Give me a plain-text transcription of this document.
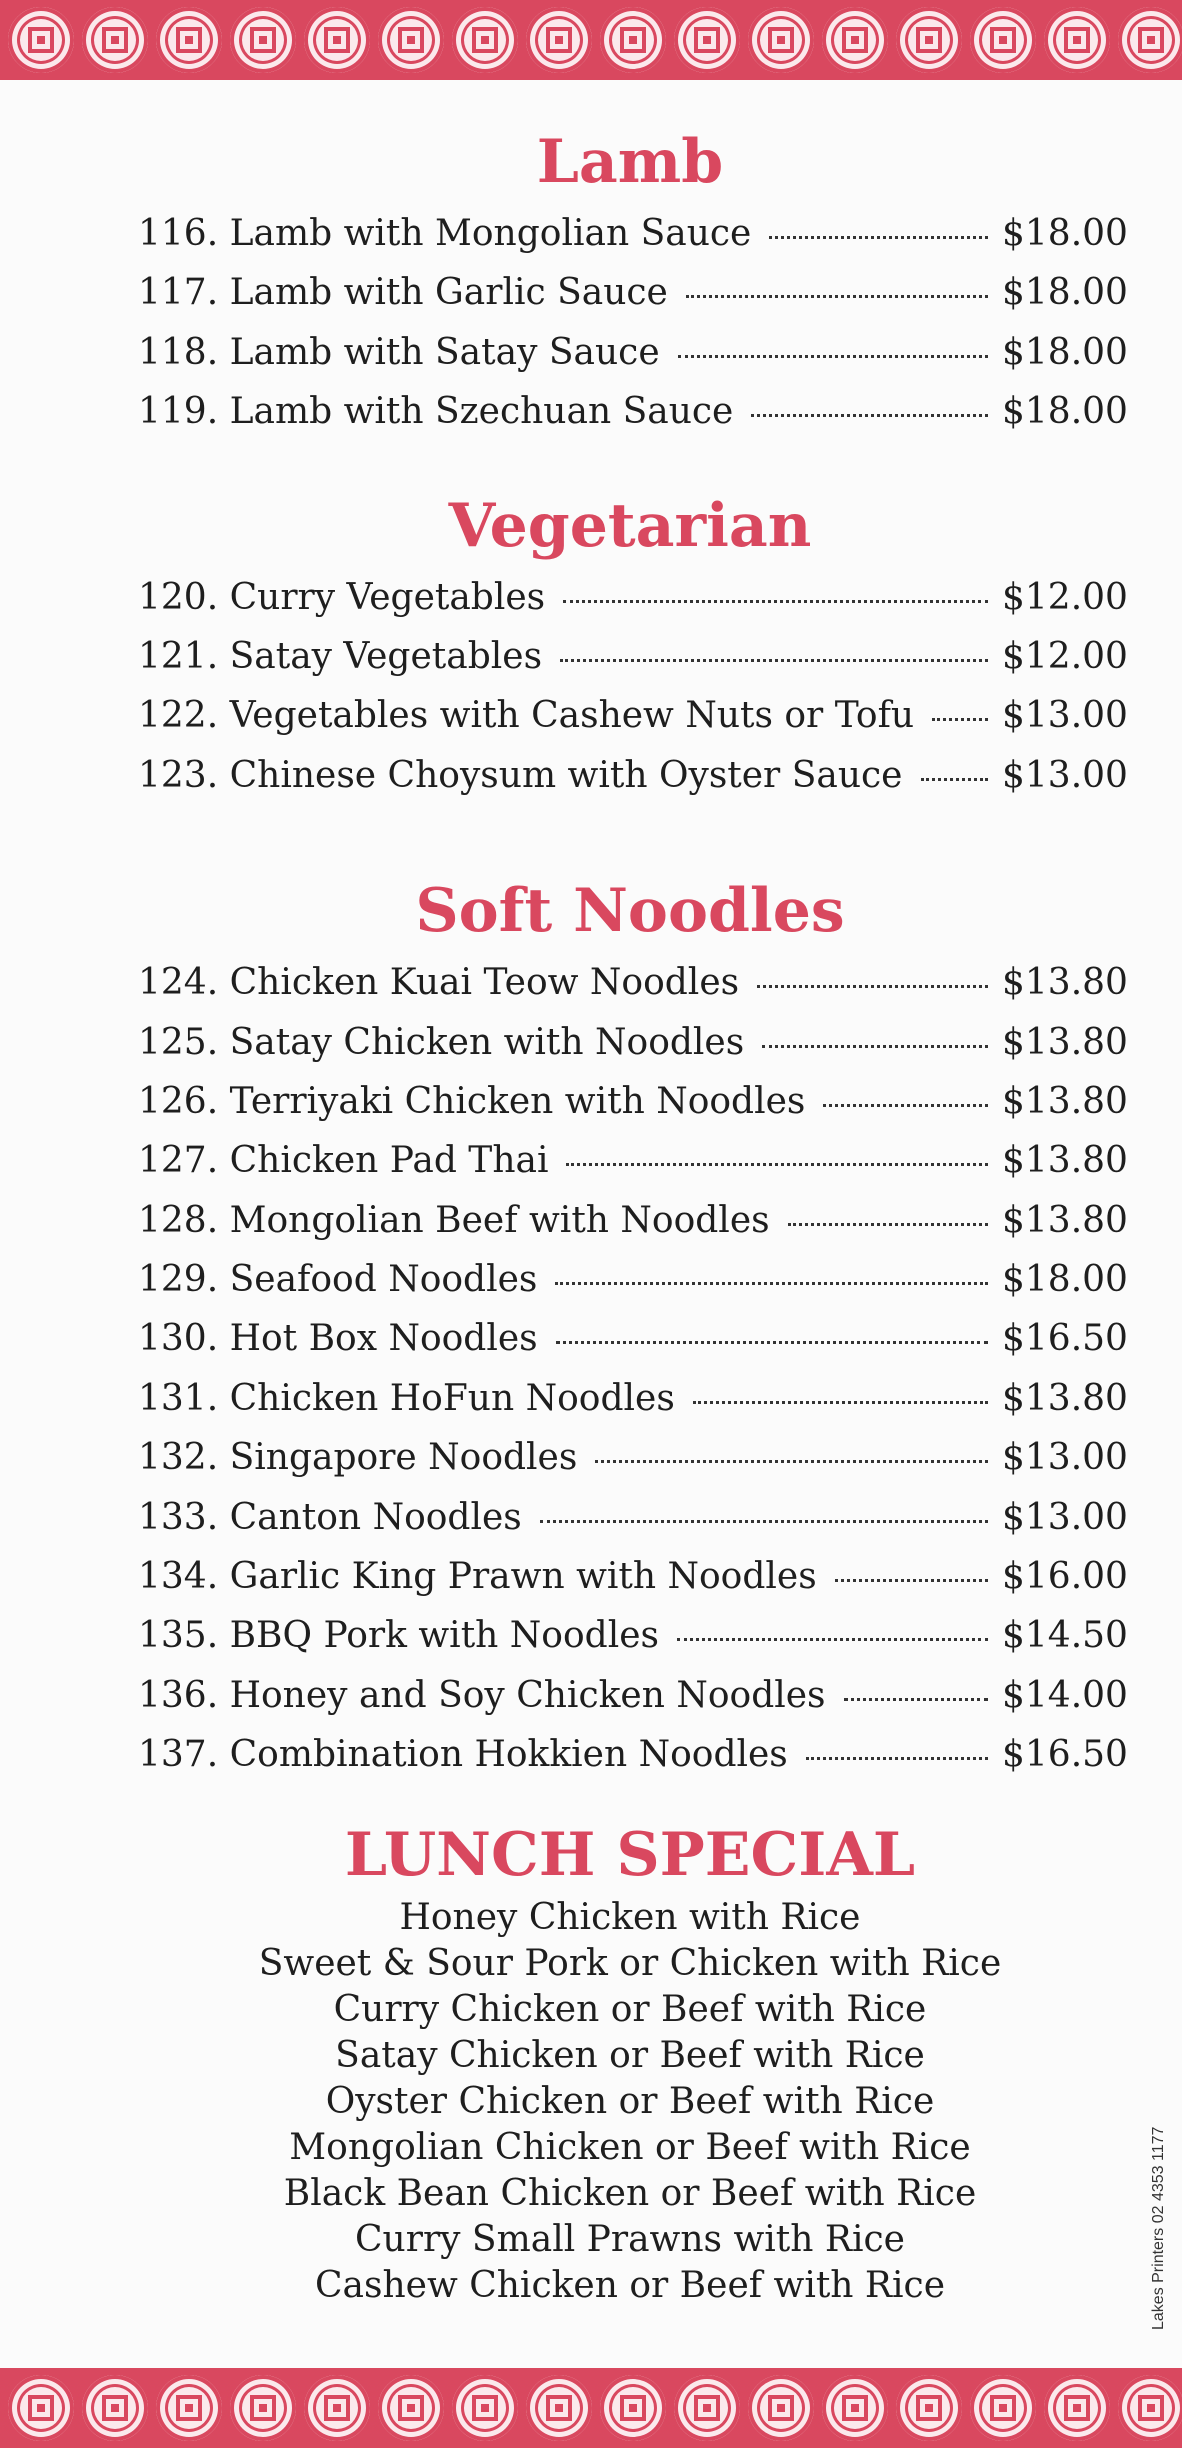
Lamb
116. Lamb with Mongolian Sauce	$18.00
117. Lamb with Garlic Sauce	$18.00
118. Lamb with Satay Sauce	$18.00
119. Lamb with Szechuan Sauce	$18.00
Vegetarian
120. Curry Vegetables	$12.00
121. Satay Vegetables	$12.00
122. Vegetables with Cashew Nuts or Tofu $13.00
123. Chinese Choysum with Oyster Sauce	$13.00
Soft Noodles
124. Chicken Kuai Teow Noodles	$13.80
125. Satay Chicken with Noodles	$13.80
126. Terriyaki Chicken with Noodles	$13.80
127. Chicken Pad Thai	$13.80
128. Mongolian Beef with Noodles	$13.80
129. Seafood Noodles	$18.00
130. Hot Box Noodles	$16.50
131. Chicken HoFun Noodles	$13.80
132. Singapore Noodles	$13.00
133. Canton Noodles	$13.00
134. Garlic King Prawn with Noodles	$16.00
135. BBQ Pork with Noodles	$14.50
136. Honey and Soy Chicken Noodles	$14.00
137. Combination Hokkien Noodles	$16.50
LUNCH SPECIAL
Honey Chicken with Rice
Sweet & Sour Pork or Chicken with Rice
Curry Chicken or Beef with Rice
Satay Chicken or Beef with Rice
Oyster Chicken or Beef with Rice
Mongolian Chicken or Beef with Rice
Black Bean Chicken or Beef with Rice
Curry Small Prawns with Rice
Cashew Chicken or Beef with Rice	Lakes Printers 02 4353 1177
